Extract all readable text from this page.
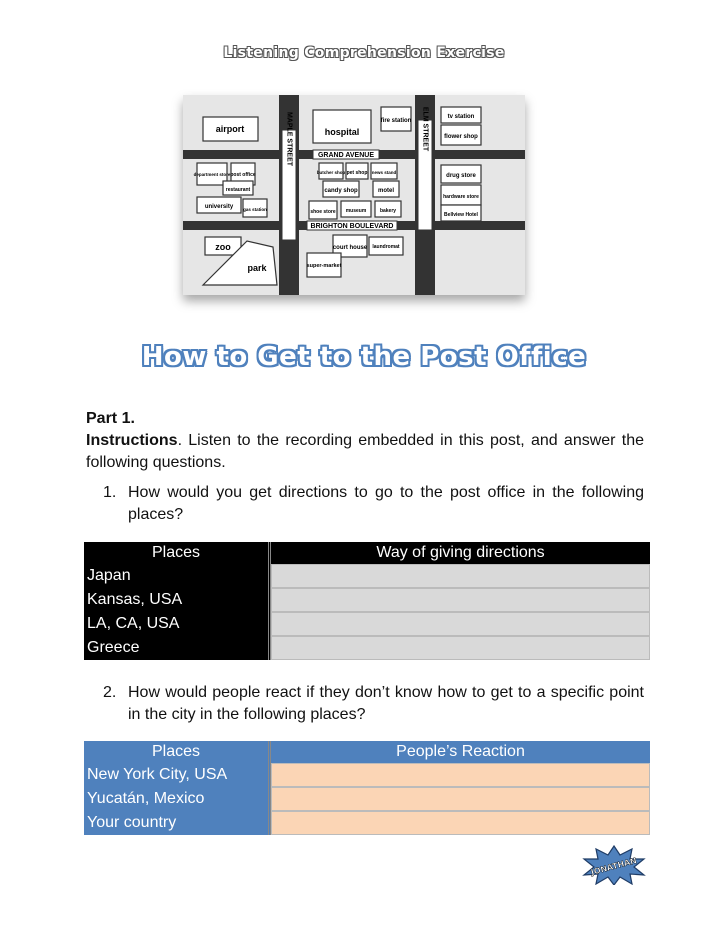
Listening Comprehension Exercise
MAPLE STREET	ELM STREET
GRAND AVENUE
BRIGHTON BOULEVARD
airport	hospital
fire station
tv station
flower shop
department store post office
restaurant
butcher shop pet shop news stand
drug store
candy shop	motel
hardware store
university gas station	shoe store museum	bakery
Bellview Hotel
zoo	court house laundromat
park	super-market
How to Get to the Post Office
Part 1.
Instructions. Listen to the recording embedded in this post, and answer the following questions.
1. How would you get directions to go to the post office in the following places?
Places	Way of giving directions
Japan	
Kansas, USA	
LA, CA, USA	
Greece	
2. How would people react if they don’t know how to get to a specific point in the city in the following places?
Places	People’s Reaction
New York City, USA	
Yucatán, Mexico	
Your country	
JONATHAN
